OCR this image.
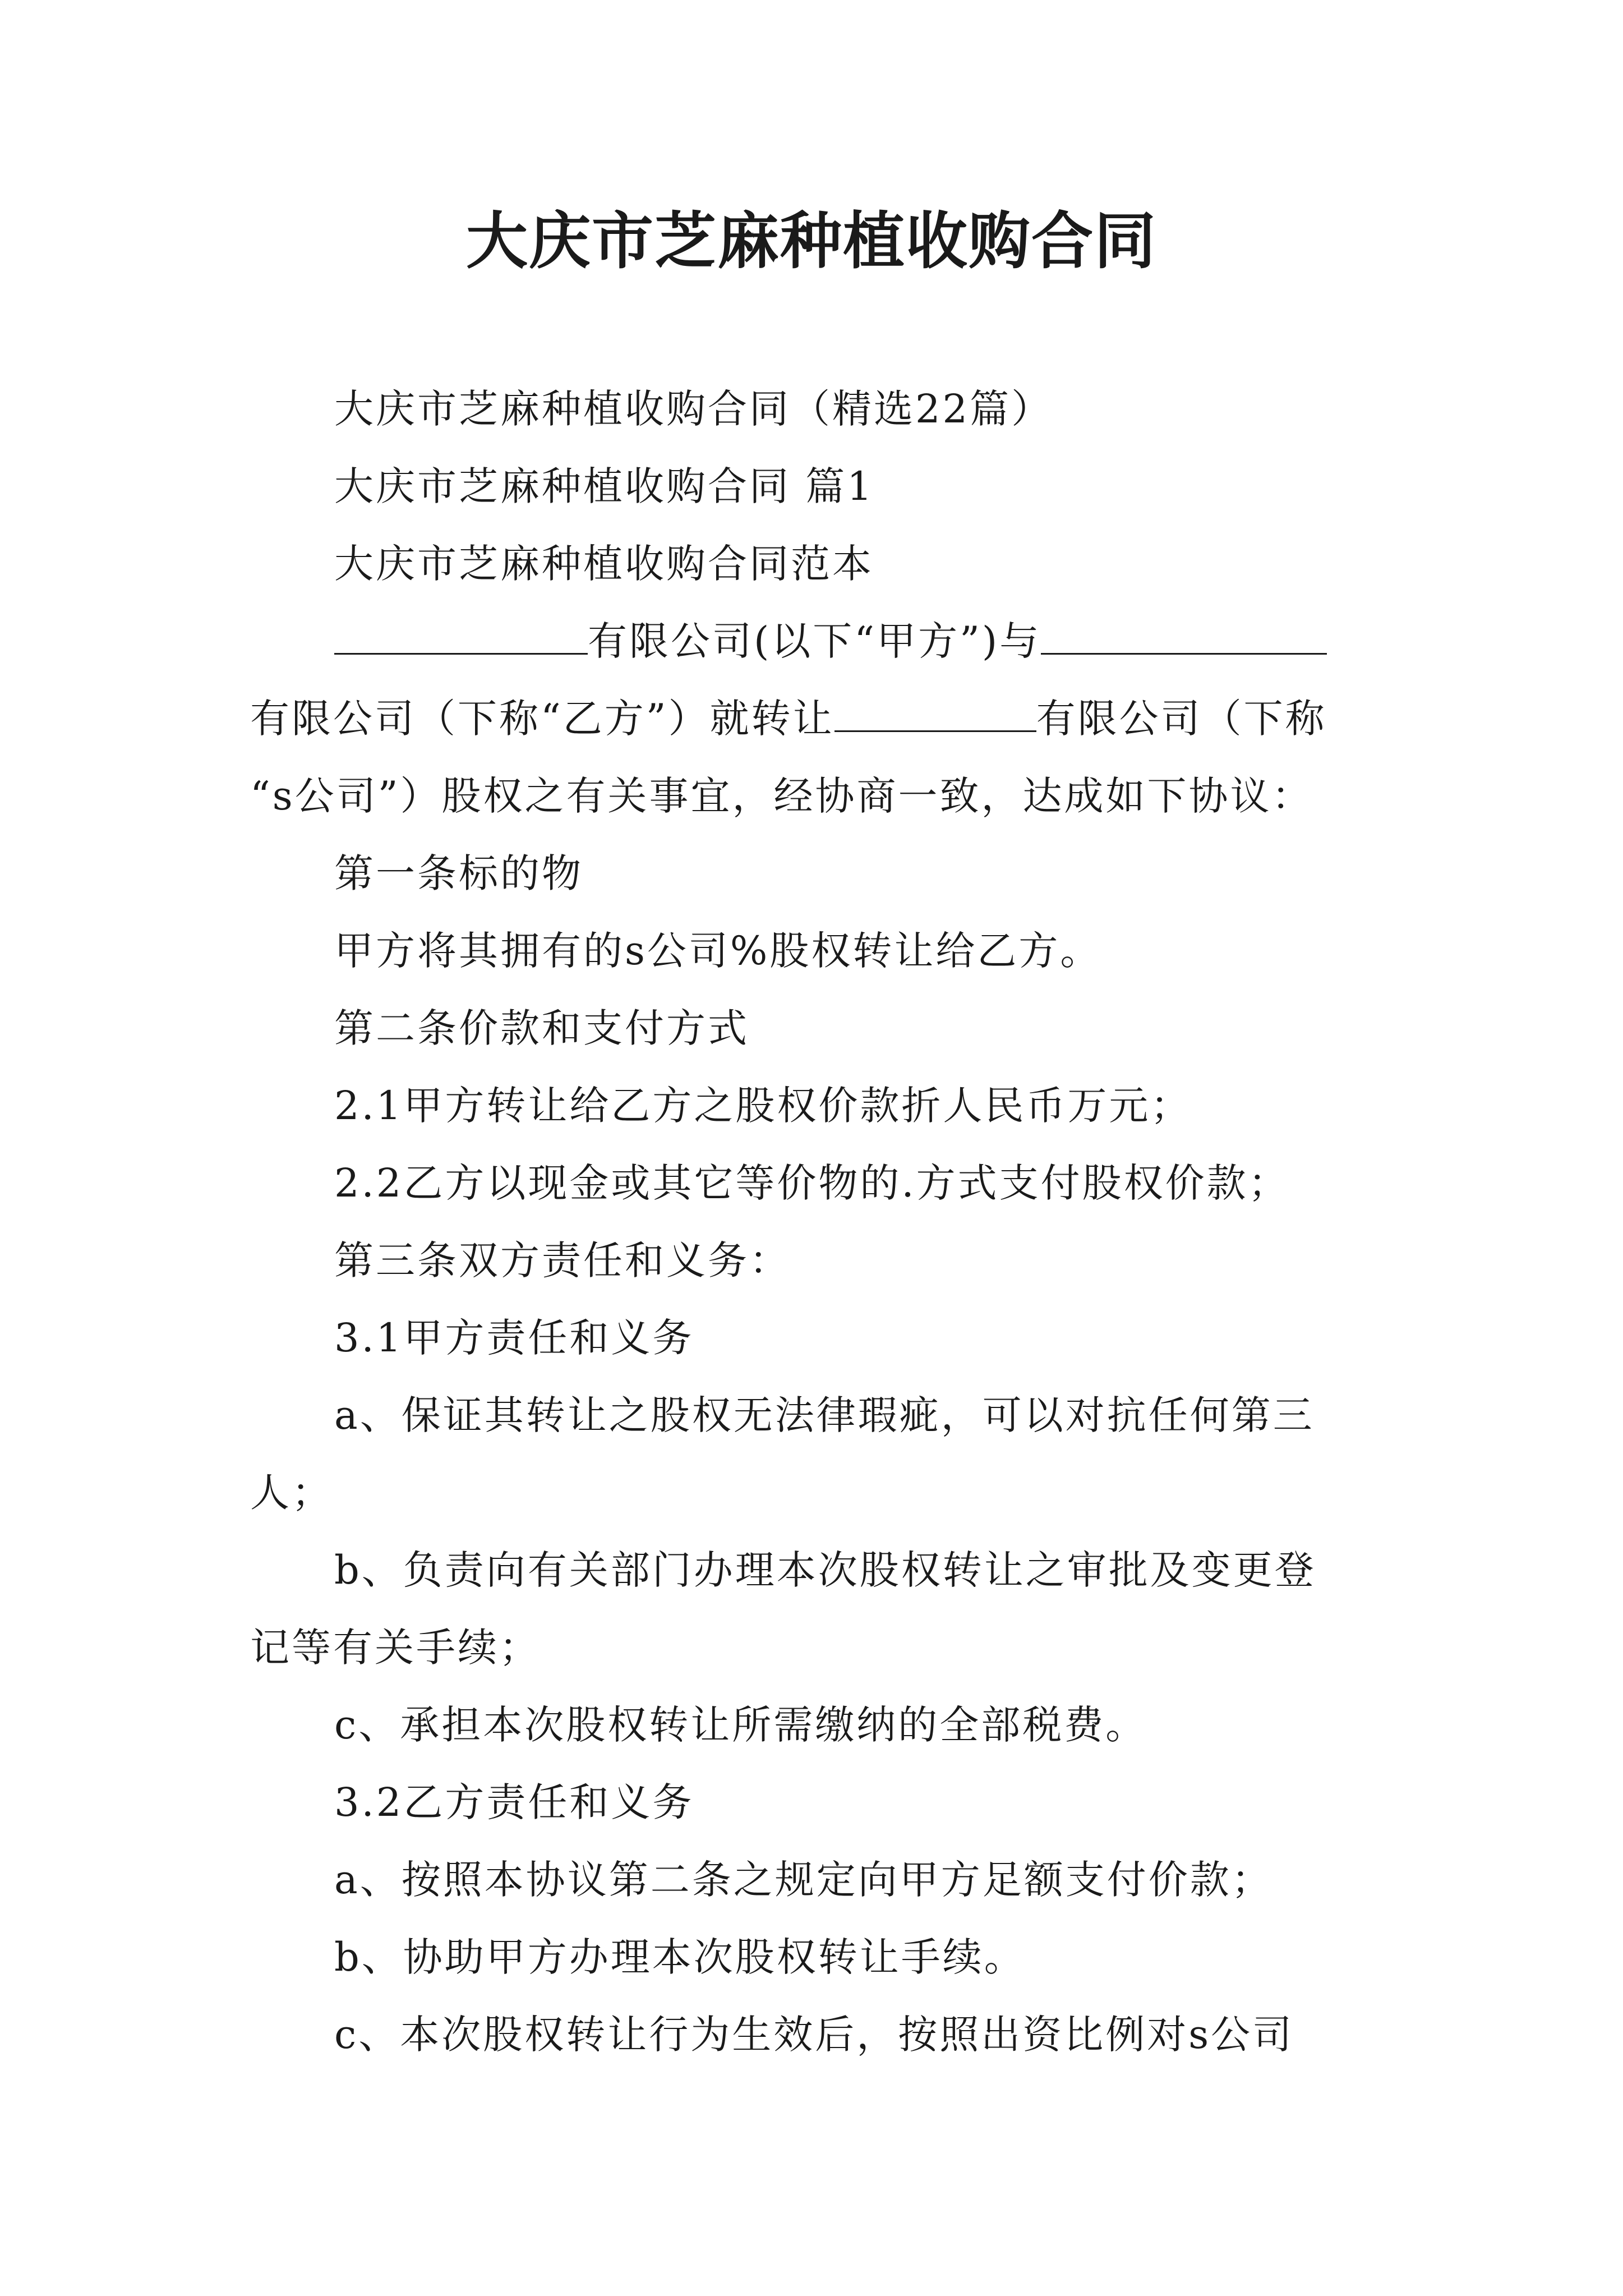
大庆市芝麻种植收购合同
大庆市芝麻种植收购合同（精选22篇）
大庆市芝麻种植收购合同 篇1
大庆市芝麻种植收购合同范本
有限公司(以下“甲方”)与
有限公司（下称“乙方”）就转让	有限公司（下称
“s公司”）股权之有关事宜，经协商一致，达成如下协议：
第一条标的物
甲方将其拥有的s公司%股权转让给乙方。
第二条价款和支付方式
2.1甲方转让给乙方之股权价款折人民币万元；
2.2乙方以现金或其它等价物的.方式支付股权价款；
第三条双方责任和义务：
3.1甲方责任和义务
a、保证其转让之股权无法律瑕疵，可以对抗任何第三
人；
b、负责向有关部门办理本次股权转让之审批及变更登
记等有关手续；
c、承担本次股权转让所需缴纳的全部税费。
3.2乙方责任和义务
a、按照本协议第二条之规定向甲方足额支付价款；
b、协助甲方办理本次股权转让手续。
c、本次股权转让行为生效后，按照出资比例对s公司
